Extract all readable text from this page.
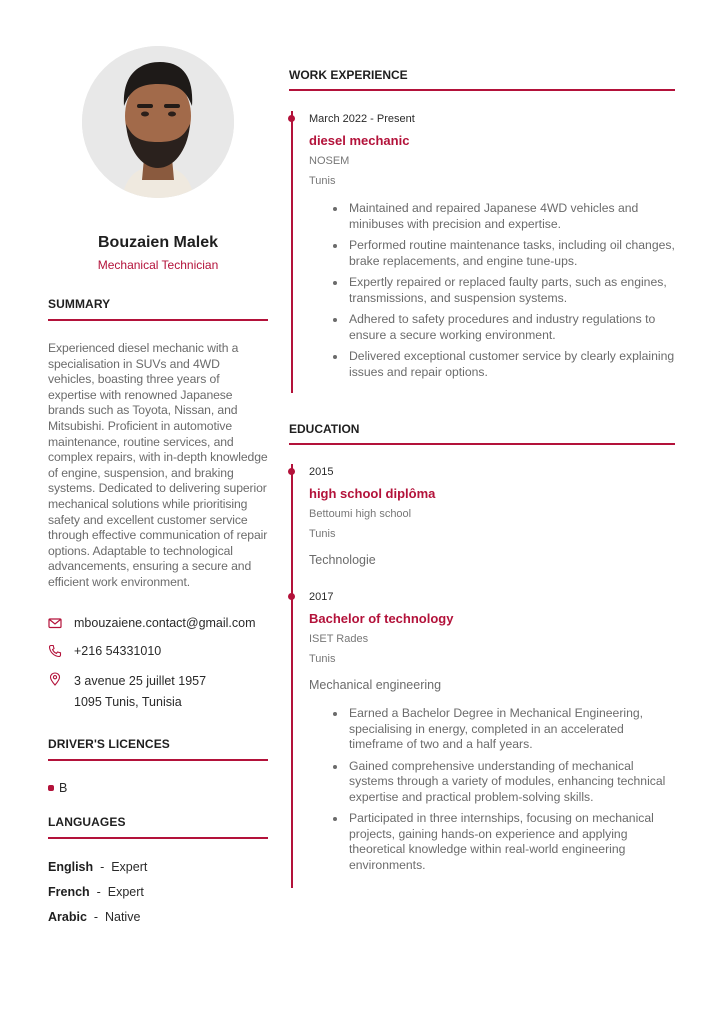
Bouzaien Malek
Mechanical Technician
SUMMARY
Experienced diesel mechanic with a specialisation in SUVs and 4WD vehicles, boasting three years of expertise with renowned Japanese brands such as Toyota, Nissan, and Mitsubishi. Proficient in automotive maintenance, routine services, and complex repairs, with in-depth knowledge of engine, suspension, and braking systems. Dedicated to delivering superior mechanical solutions while prioritising safety and excellent customer service through effective communication of repair options. Adaptable to technological advancements, ensuring a secure and efficient work environment.
mbouzaiene.contact@gmail.com
+216 54331010
3 avenue 25 juillet 1957
1095 Tunis, Tunisia
DRIVER'S LICENCES
B
LANGUAGES
English  -  Expert
French  -  Expert
Arabic  -  Native
WORK EXPERIENCE
March 2022 - Present
diesel mechanic
NOSEM
Tunis
Maintained and repaired Japanese 4WD vehicles and minibuses with precision and expertise.
Performed routine maintenance tasks, including oil changes, brake replacements, and engine tune-ups.
Expertly repaired or replaced faulty parts, such as engines, transmissions, and suspension systems.
Adhered to safety procedures and industry regulations to ensure a secure working environment.
Delivered exceptional customer service by clearly explaining issues and repair options.
EDUCATION
2015
high school diplôma
Bettoumi high school
Tunis
Technologie
2017
Bachelor of technology
ISET Rades
Tunis
Mechanical engineering
Earned a Bachelor Degree in Mechanical Engineering, specialising in energy, completed in an accelerated timeframe of two and a half years.
Gained comprehensive understanding of mechanical systems through a variety of modules, enhancing technical expertise and practical problem-solving skills.
Participated in three internships, focusing on mechanical projects, gaining hands-on experience and applying theoretical knowledge within real-world engineering environments.
